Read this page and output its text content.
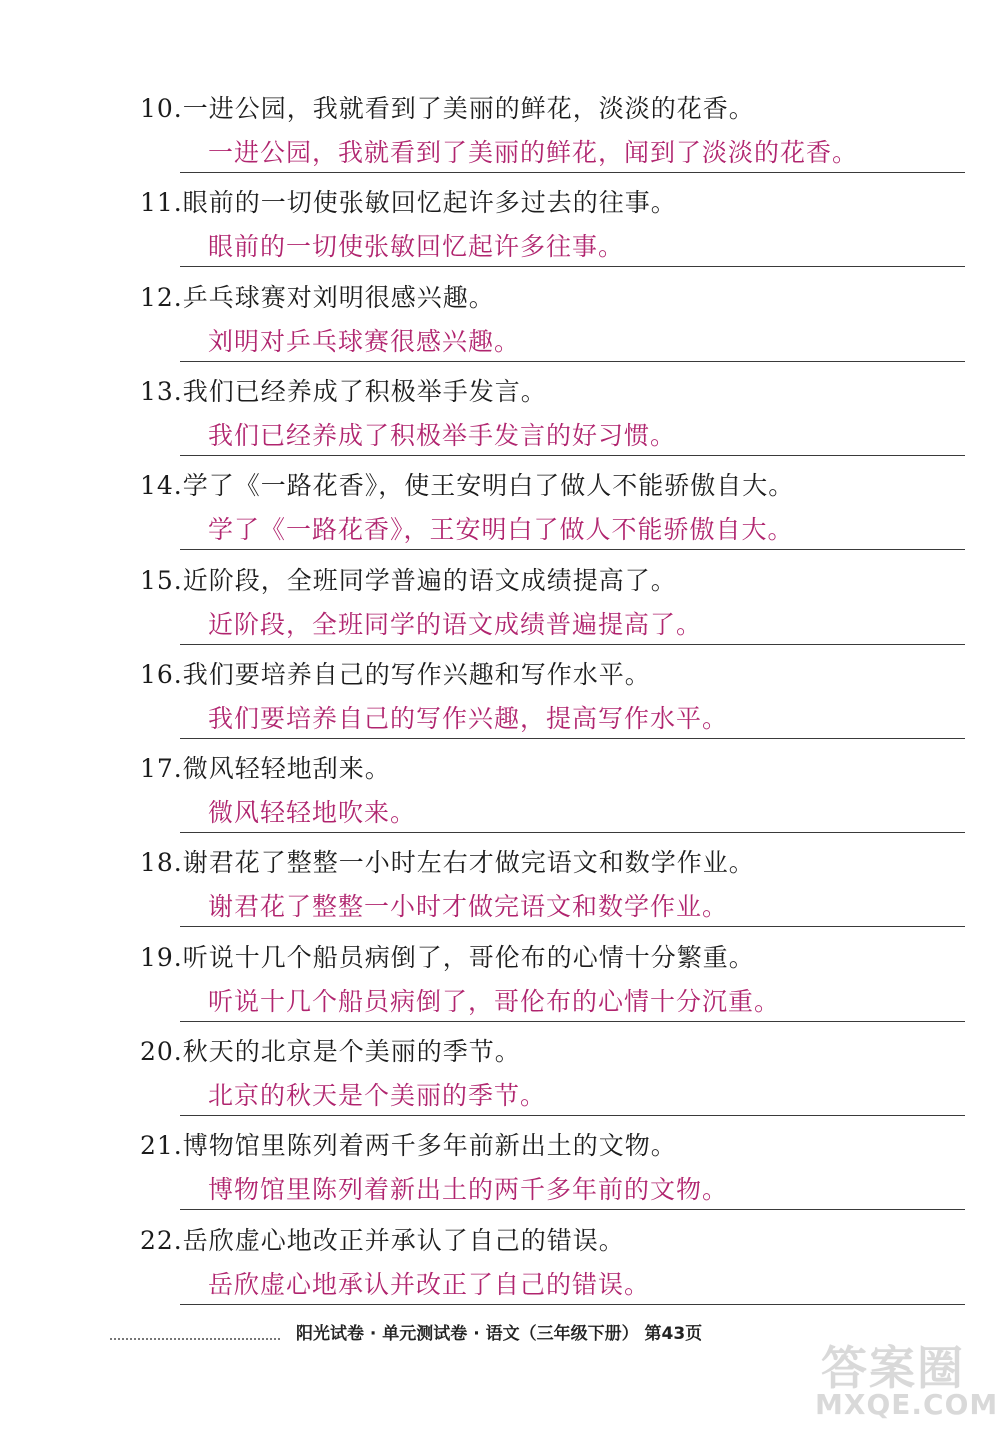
10.一进公园，我就看到了美丽的鲜花，淡淡的花香。
一进公园，我就看到了美丽的鲜花，闻到了淡淡的花香。
11.眼前的一切使张敏回忆起许多过去的往事。
眼前的一切使张敏回忆起许多往事。
12.乒乓球赛对刘明很感兴趣。
刘明对乒乓球赛很感兴趣。
13.我们已经养成了积极举手发言。
我们已经养成了积极举手发言的好习惯。
14.学了《一路花香》，使王安明白了做人不能骄傲自大。
学了《一路花香》，王安明白了做人不能骄傲自大。
15.近阶段，全班同学普遍的语文成绩提高了。
近阶段，全班同学的语文成绩普遍提高了。
16.我们要培养自己的写作兴趣和写作水平。
我们要培养自己的写作兴趣，提高写作水平。
17.微风轻轻地刮来。
微风轻轻地吹来。
18.谢君花了整整一小时左右才做完语文和数学作业。
谢君花了整整一小时才做完语文和数学作业。
19.听说十几个船员病倒了，哥伦布的心情十分繁重。
听说十几个船员病倒了，哥伦布的心情十分沉重。
20.秋天的北京是个美丽的季节。
北京的秋天是个美丽的季节。
21.博物馆里陈列着两千多年前新出土的文物。
博物馆里陈列着新出土的两千多年前的文物。
22.岳欣虚心地改正并承认了自己的错误。
岳欣虚心地承认并改正了自己的错误。
阳光试卷 · 单元测试卷 · 语文（三年级下册） 第43页
答案圈
MXQE.COM
